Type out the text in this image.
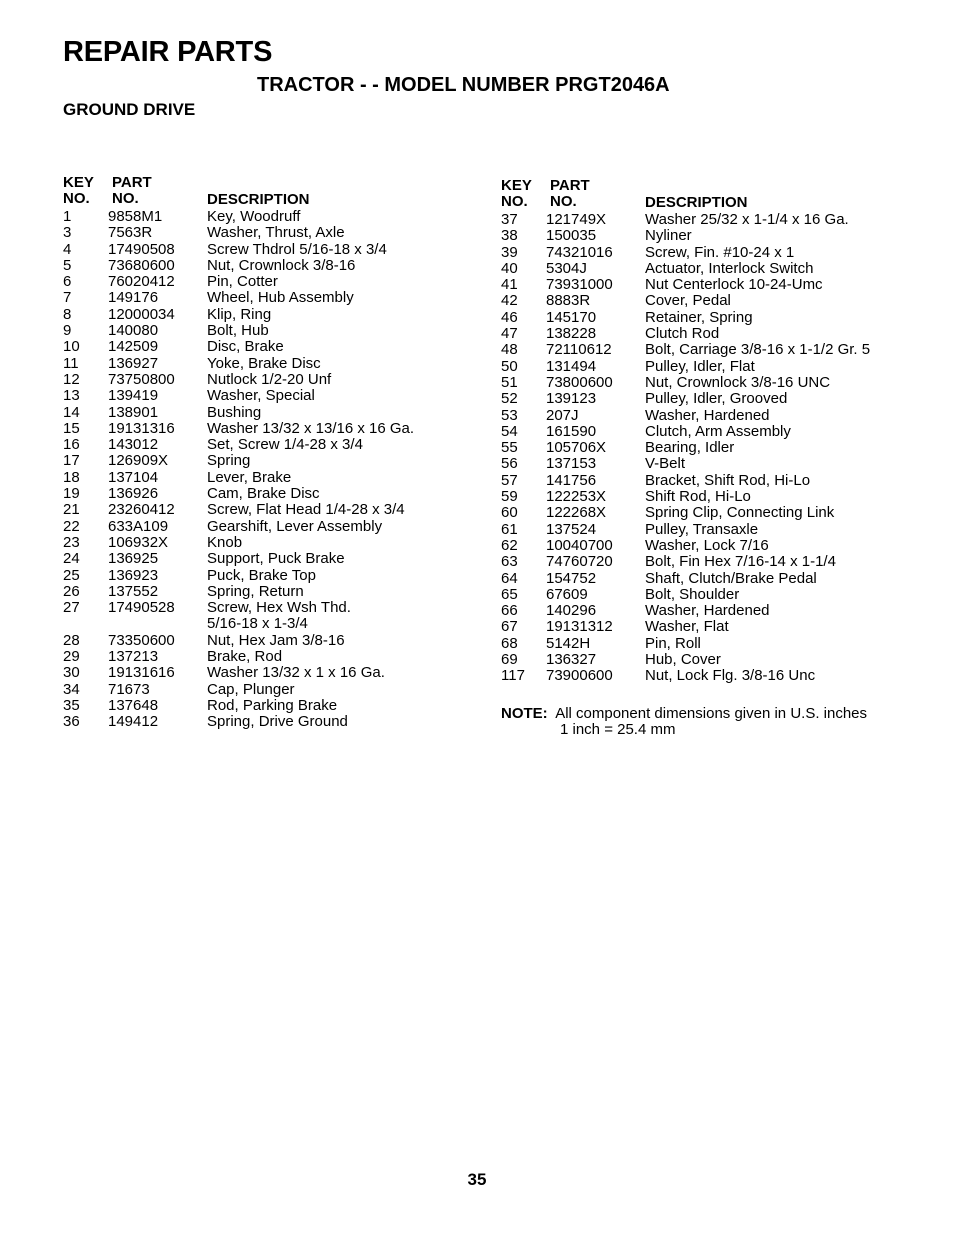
REPAIR PARTS
TRACTOR - - MODEL NUMBER PRGT2046A
GROUND DRIVE
KEY
NO.
PART
NO.	DESCRIPTION
1 9858M1	Key, Woodruff
3 7563R	Washer, Thrust, Axle
4 17490508 Screw Thdrol 5/16-18 x 3/4
5 73680600 Nut, Crownlock 3/8-16
6 76020412 Pin, Cotter
7 149176	Wheel, Hub Assembly
8 12000034 Klip, Ring
9 140080	Bolt, Hub
10 142509	Disc, Brake
11 136927	Yoke, Brake Disc
12 73750800 Nutlock 1/2-20 Unf
13 139419	Washer, Special
14 138901	Bushing
15 19131316 Washer 13/32 x 13/16 x 16 Ga.
16 143012	Set, Screw 1/4-28 x 3/4
17 126909X	Spring
18 137104	Lever, Brake
19 136926	Cam, Brake Disc
21 23260412 Screw, Flat Head 1/4-28 x 3/4
22 633A109	Gearshift, Lever Assembly
23 106932X	Knob
24 136925	Support, Puck Brake
25 136923	Puck, Brake Top
26 137552	Spring, Return
27 17490528 Screw, Hex Wsh Thd.
5/16-18 x 1-3/4
28 73350600 Nut, Hex Jam 3/8-16
29 137213	Brake, Rod
30 19131616 Washer 13/32 x 1 x 16 Ga.
34 71673	Cap, Plunger
35 137648	Rod, Parking Brake
36 149412	Spring, Drive Ground
KEY
NO.
PART
NO.	DESCRIPTION
37 121749X	Washer 25/32 x 1-1/4 x 16 Ga.
38 150035	Nyliner
39 74321016 Screw, Fin. #10-24 x 1
40 5304J	Actuator, Interlock Switch
41 73931000 Nut Centerlock 10-24-Umc
42 8883R	Cover, Pedal
46 145170	Retainer, Spring
47 138228	Clutch Rod
48 72110612 Bolt, Carriage 3/8-16 x 1-1/2 Gr. 5
50 131494	Pulley, Idler, Flat
51 73800600 Nut, Crownlock 3/8-16 UNC
52 139123	Pulley, Idler, Grooved
53 207J	Washer, Hardened
54 161590	Clutch, Arm Assembly
55 105706X	Bearing, Idler
56 137153	V-Belt
57 141756	Bracket, Shift Rod, Hi-Lo
59 122253X	Shift Rod, Hi-Lo
60 122268X	Spring Clip, Connecting Link
61 137524	Pulley, Transaxle
62 10040700 Washer, Lock 7/16
63 74760720 Bolt, Fin Hex 7/16-14 x 1-1/4
64 154752	Shaft, Clutch/Brake Pedal
65 67609	Bolt, Shoulder
66 140296	Washer, Hardened
67 19131312 Washer, Flat
68 5142H	Pin, Roll
69 136327	Hub, Cover
117 73900600 Nut, Lock Flg. 3/8-16 Unc
NOTE: All component dimensions given in U.S. inches
1 inch = 25.4 mm
35
